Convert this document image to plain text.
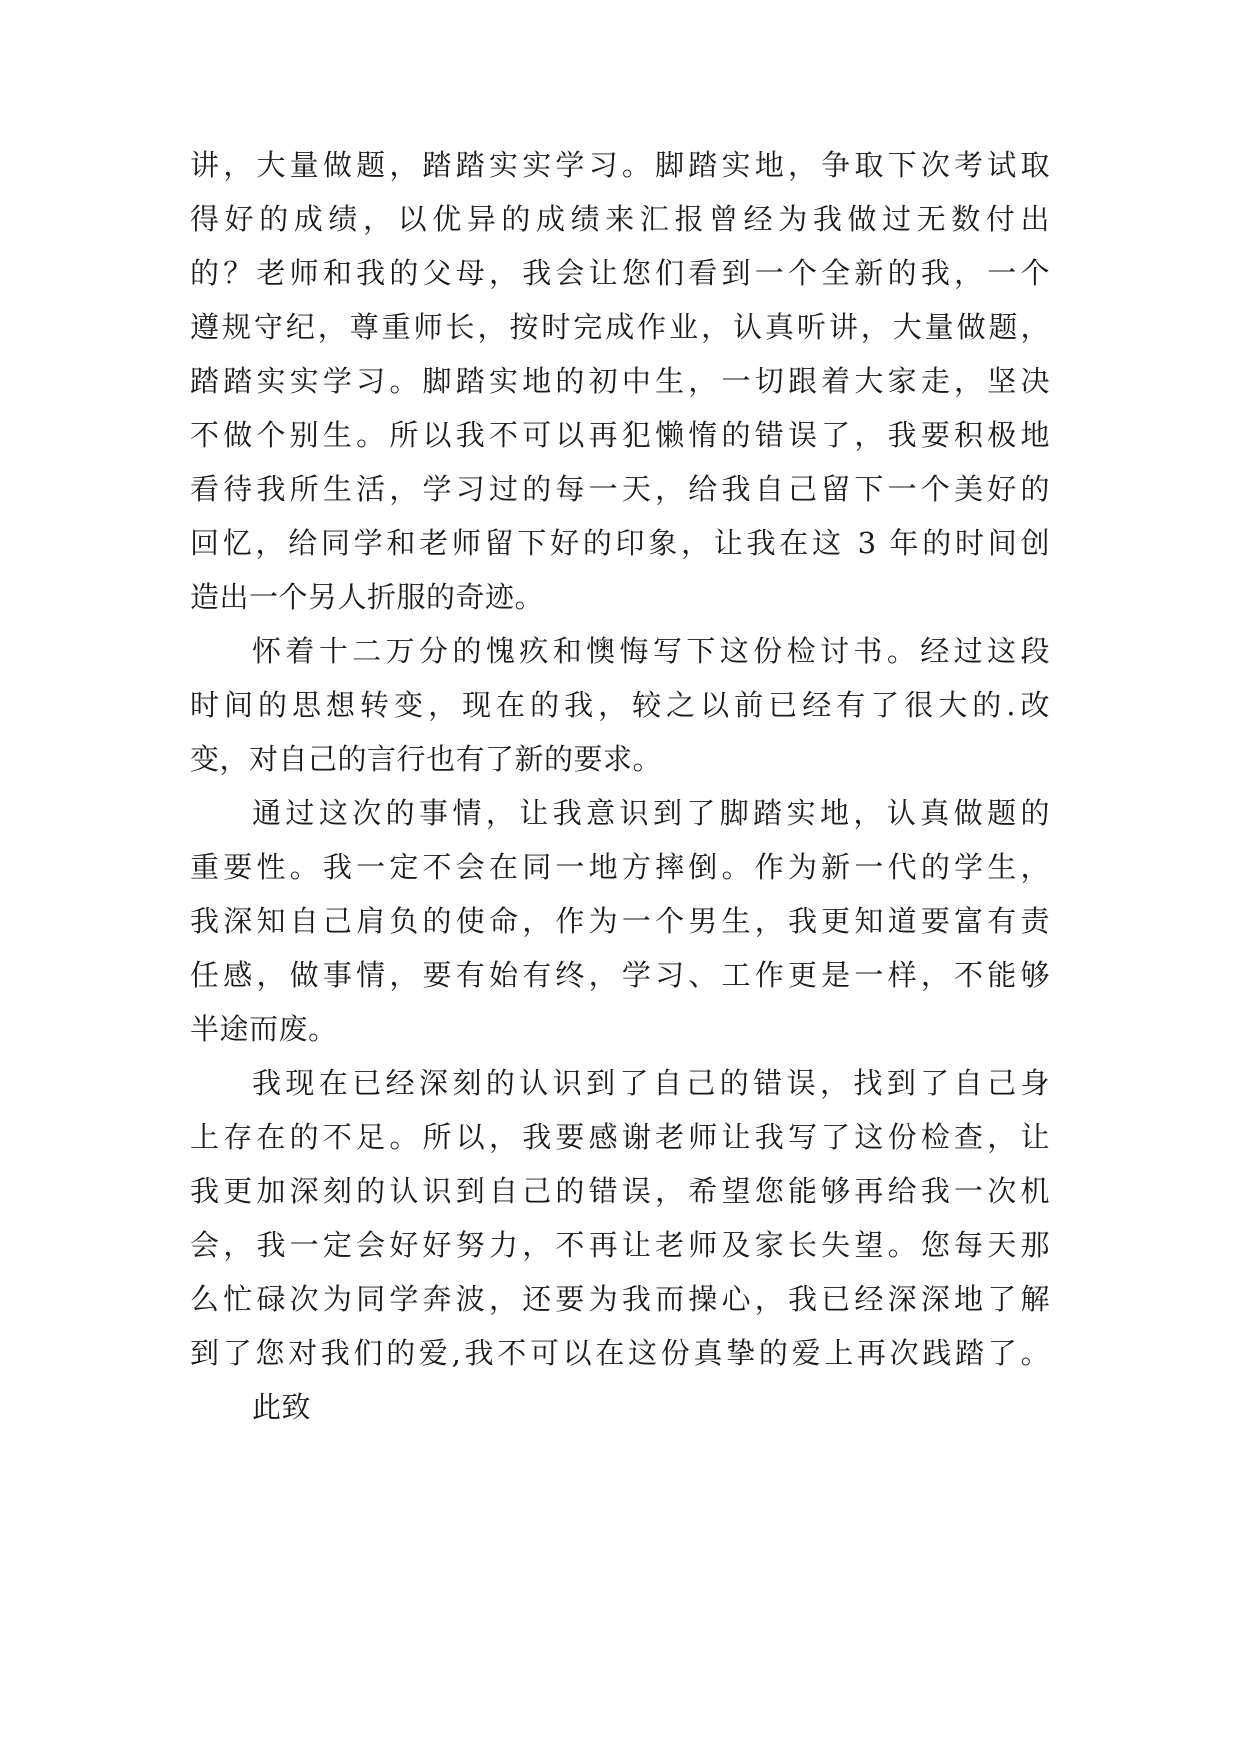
讲，大量做题，踏踏实实学习。脚踏实地，争取下次考试取
得好的成绩，以优异的成绩来汇报曾经为我做过无数付出
的？老师和我的父母，我会让您们看到一个全新的我，一个
遵规守纪，尊重师长，按时完成作业，认真听讲，大量做题，
踏踏实实学习。脚踏实地的初中生，一切跟着大家走，坚决
不做个别生。所以我不可以再犯懒惰的错误了，我要积极地
看待我所生活，学习过的每一天，给我自己留下一个美好的
回忆，给同学和老师留下好的印象，让我在这 3 年的时间创
造出一个另人折服的奇迹。
怀着十二万分的愧疚和懊悔写下这份检讨书。经过这段
时间的思想转变，现在的我，较之以前已经有了很大的.改
变，对自己的言行也有了新的要求。
通过这次的事情，让我意识到了脚踏实地，认真做题的
重要性。我一定不会在同一地方摔倒。作为新一代的学生，
我深知自己肩负的使命，作为一个男生，我更知道要富有责
任感，做事情，要有始有终，学习、工作更是一样，不能够
半途而废。
我现在已经深刻的认识到了自己的错误，找到了自己身
上存在的不足。所以，我要感谢老师让我写了这份检查，让
我更加深刻的认识到自己的错误，希望您能够再给我一次机
会，我一定会好好努力，不再让老师及家长失望。您每天那
么忙碌次为同学奔波，还要为我而操心，我已经深深地了解
到了您对我们的爱,我不可以在这份真挚的爱上再次践踏了。
此致
